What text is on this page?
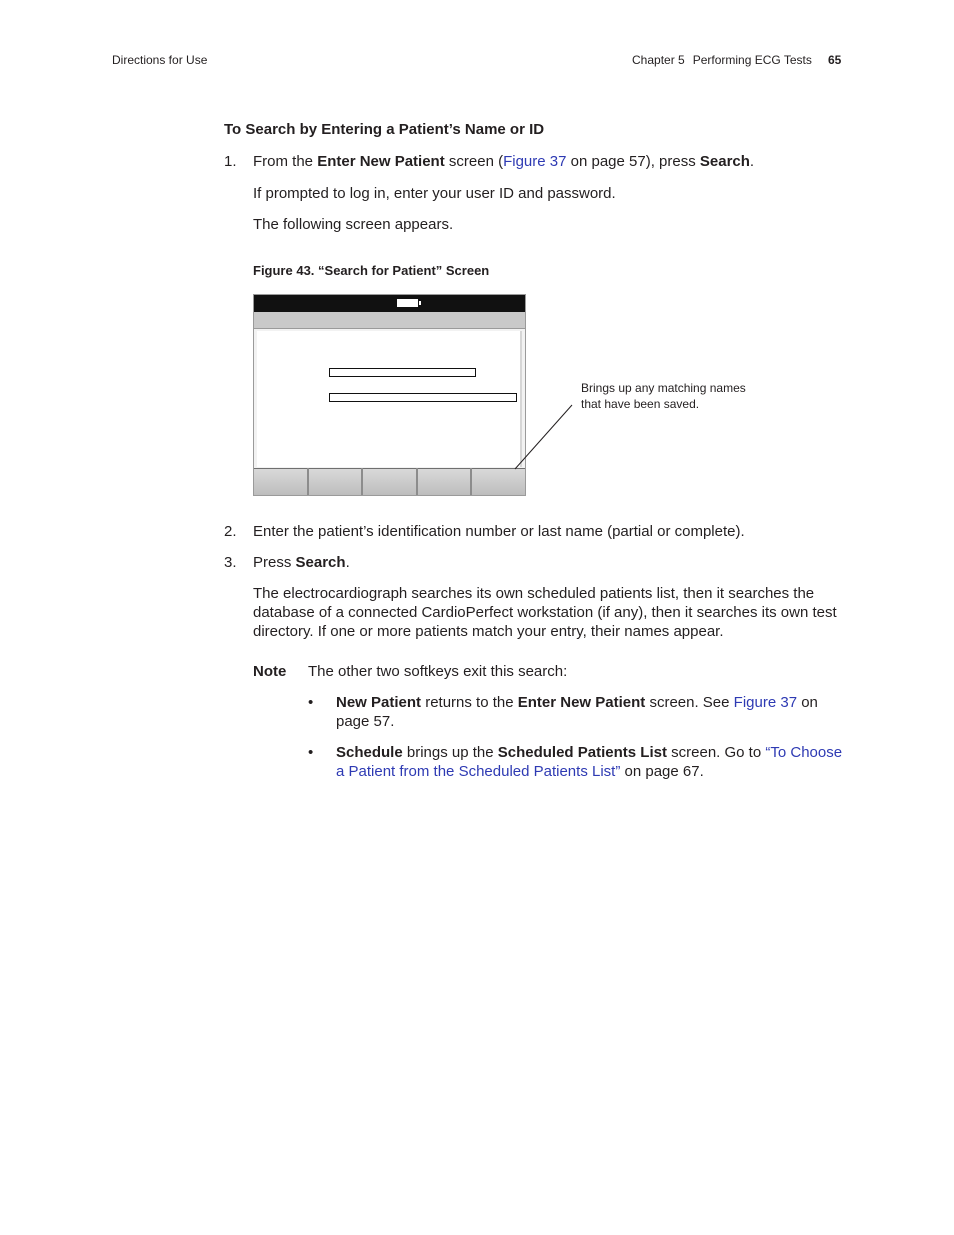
Directions for Use	Chapter 5 Performing ECG Tests 65
To Search by Entering a Patient’s Name or ID
1. From the Enter New Patient screen (Figure 37 on page 57), press Search.
If prompted to log in, enter your user ID and password.
The following screen appears.
Figure 43. “Search for Patient” Screen
Brings up any matching names
that have been saved.
2. Enter the patient’s identification number or last name (partial or complete).
3. Press Search.
The electrocardiograph searches its own scheduled patients list, then it searches the database of a connected CardioPerfect workstation (if any), then it searches its own test directory. If one or more patients match your entry, their names appear.
Note The other two softkeys exit this search:
• New Patient returns to the Enter New Patient screen. See Figure 37 on page 57.
• Schedule brings up the Scheduled Patients List screen. Go to “To Choose a Patient from the Scheduled Patients List” on page 67.
